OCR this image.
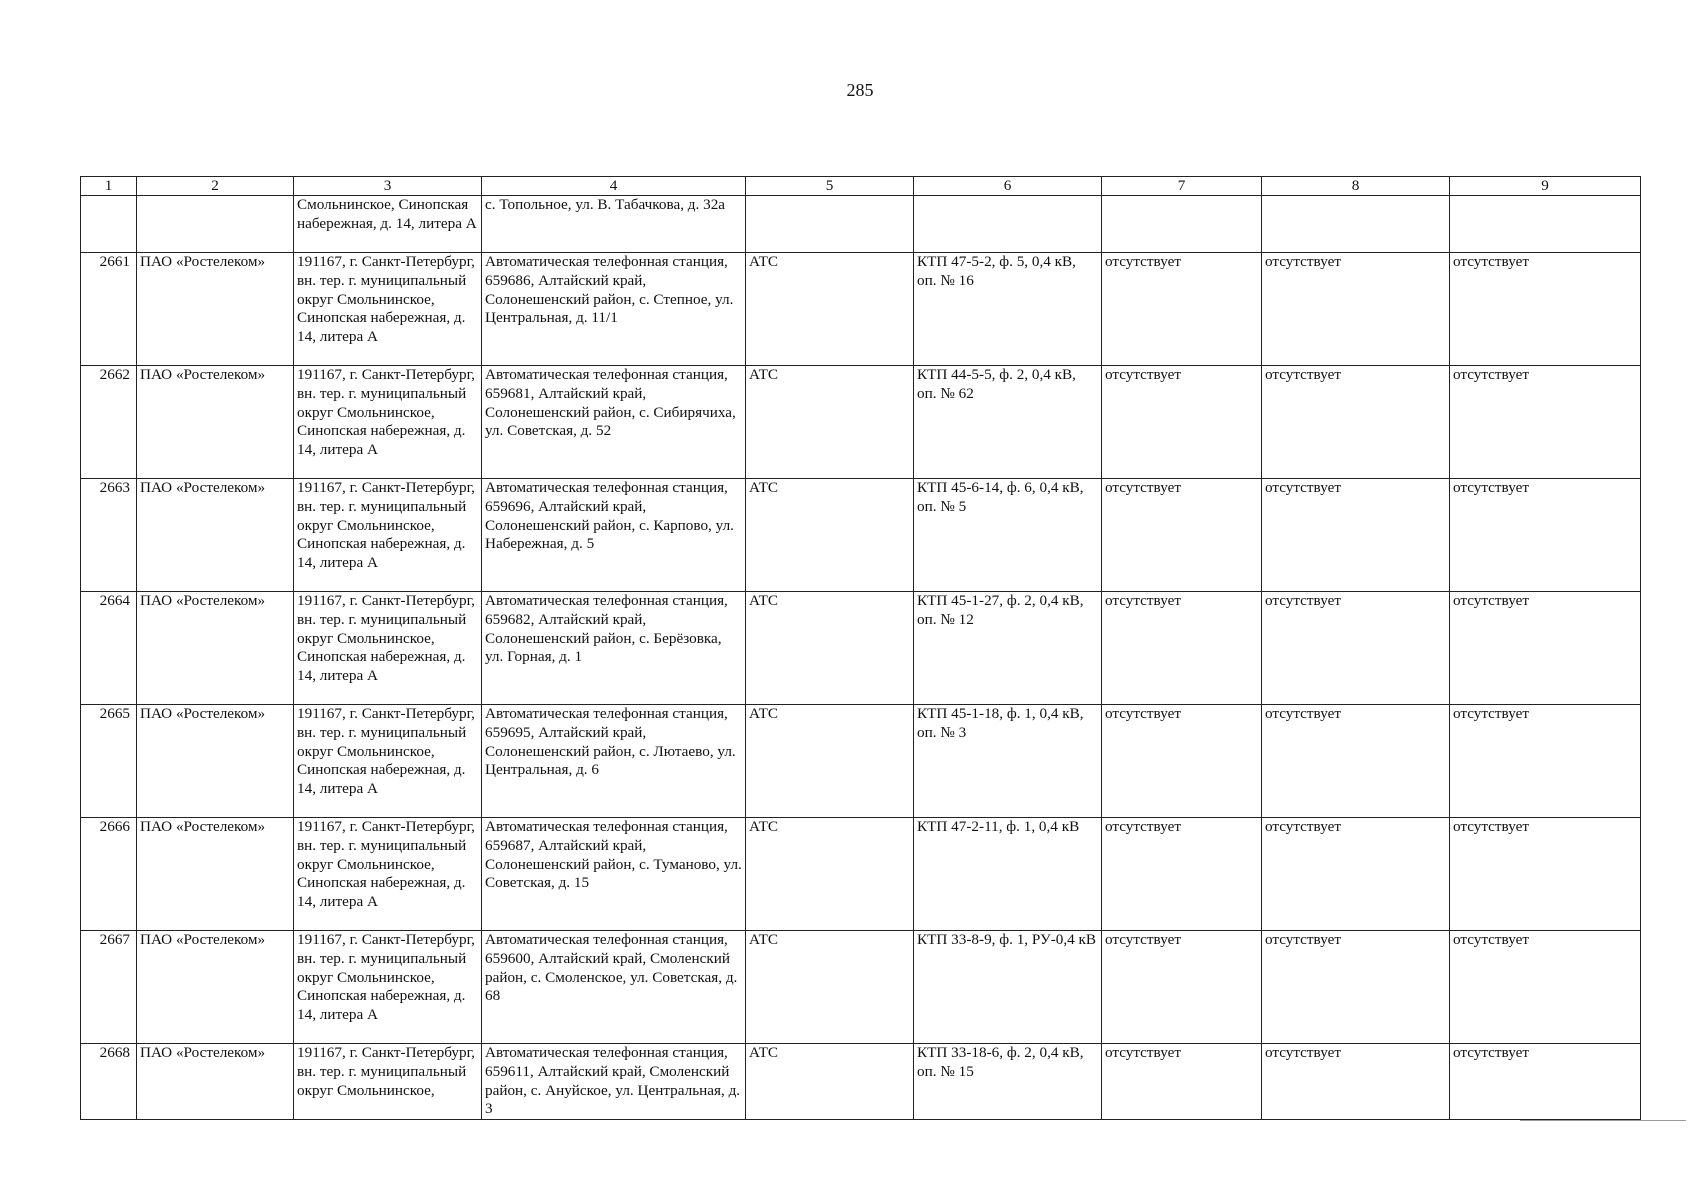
285
1	2	3	4	5	6	7	8	9
		Смольнинское, Синопская набережная, д. 14, литера А	с. Топольное, ул. В. Табачкова, д. 32а					
2661	ПАО «Ростелеком»	191167, г. Санкт-Петербург, вн. тер. г. муниципальный округ Смольнинское, Синопская набережная, д. 14, литера А	Автоматическая телефонная станция, 659686, Алтайский край, Солонешенский район, с. Степное, ул. Центральная, д. 11/1	АТС	КТП 47-5-2, ф. 5, 0,4 кВ, оп. № 16	отсутствует	отсутствует	отсутствует
2662	ПАО «Ростелеком»	191167, г. Санкт-Петербург, вн. тер. г. муниципальный округ Смольнинское, Синопская набережная, д. 14, литера А	Автоматическая телефонная станция, 659681, Алтайский край, Солонешенский район, с. Сибирячиха, ул. Советская, д. 52	АТС	КТП 44-5-5, ф. 2, 0,4 кВ, оп. № 62	отсутствует	отсутствует	отсутствует
2663	ПАО «Ростелеком»	191167, г. Санкт-Петербург, вн. тер. г. муниципальный округ Смольнинское, Синопская набережная, д. 14, литера А	Автоматическая телефонная станция, 659696, Алтайский край, Солонешенский район, с. Карпово, ул. Набережная, д. 5	АТС	КТП 45-6-14, ф. 6, 0,4 кВ, оп. № 5	отсутствует	отсутствует	отсутствует
2664	ПАО «Ростелеком»	191167, г. Санкт-Петербург, вн. тер. г. муниципальный округ Смольнинское, Синопская набережная, д. 14, литера А	Автоматическая телефонная станция, 659682, Алтайский край, Солонешенский район, с. Берёзовка, ул. Горная, д. 1	АТС	КТП 45-1-27, ф. 2, 0,4 кВ, оп. № 12	отсутствует	отсутствует	отсутствует
2665	ПАО «Ростелеком»	191167, г. Санкт-Петербург, вн. тер. г. муниципальный округ Смольнинское, Синопская набережная, д. 14, литера А	Автоматическая телефонная станция, 659695, Алтайский край, Солонешенский район, с. Лютаево, ул. Центральная, д. 6	АТС	КТП 45-1-18, ф. 1, 0,4 кВ, оп. № 3	отсутствует	отсутствует	отсутствует
2666	ПАО «Ростелеком»	191167, г. Санкт-Петербург, вн. тер. г. муниципальный округ Смольнинское, Синопская набережная, д. 14, литера А	Автоматическая телефонная станция, 659687, Алтайский край, Солонешенский район, с. Туманово, ул. Советская, д. 15	АТС	КТП 47-2-11, ф. 1, 0,4 кВ	отсутствует	отсутствует	отсутствует
2667	ПАО «Ростелеком»	191167, г. Санкт-Петербург, вн. тер. г. муниципальный округ Смольнинское, Синопская набережная, д. 14, литера А	Автоматическая телефонная станция, 659600, Алтайский край, Смоленский район, с. Смоленское, ул. Советская, д. 68	АТС	КТП 33-8-9, ф. 1, РУ-0,4 кВ	отсутствует	отсутствует	отсутствует
2668	ПАО «Ростелеком»	191167, г. Санкт-Петербург, вн. тер. г. муниципальный округ Смольнинское,	Автоматическая телефонная станция, 659611, Алтайский край, Смоленский район, с. Ануйское, ул. Центральная, д. 3	АТС	КТП 33-18-6, ф. 2, 0,4 кВ, оп. № 15	отсутствует	отсутствует	отсутствует
